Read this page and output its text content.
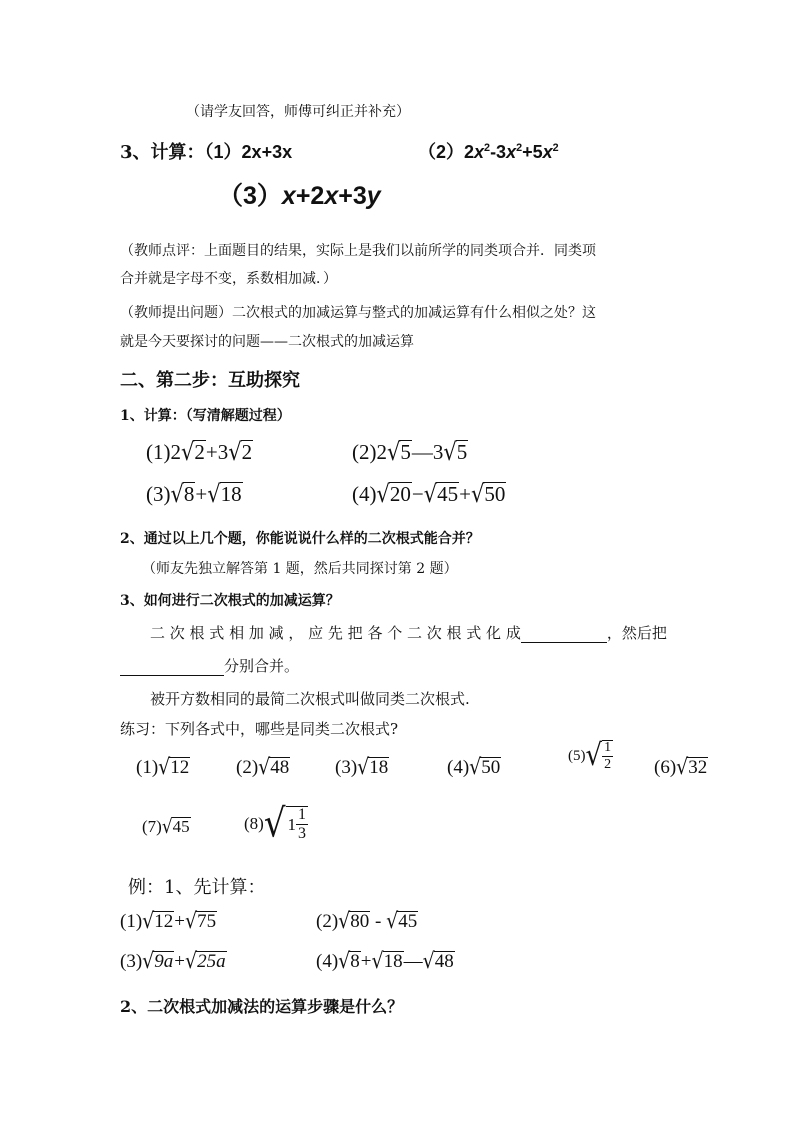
（请学友回答，师傅可纠正并补充）
3、计算：（1）2x+3x	$(2)2x^2-3x^2+5x^2$
（3）x+2x+3y
（教师点评：上面题目的结果，实际上是我们以前所学的同类项合并．同类项
合并就是字母不变，系数相加减．）
（教师提出问题）二次根式的加减运算与整式的加减运算有什么相似之处？这
就是今天要探讨的问题——二次根式的加减运算
二、第二步：互助探究
1、计算：（写清解题过程）
(1)2√2+3√2	(2)2√5—3√5
(3)√8+√18	(4)√20−√45+√50
2、通过以上几个题，你能说说什么样的二次根式能合并？
（师友先独立解答第 1 题，然后共同探讨第 2 题）
3、如何进行二次根式的加减运算？
二 次 根 式 相 加 减 ， 应 先 把 各 个 二 次 根 式 化 成	，然后把
分别合并。
被开方数相同的最简二次根式叫做同类二次根式.
练习：下列各式中，哪些是同类二次根式?
(1)√12 (2)√48 (3)√18	(4)√50
(5) √ $\frac{1}{2} (6)√32$
(7)√45	(8) √ $1 \frac{1}{3}$
例：1、先计算：
(1)√12+√75	(2)√80 - √45
(3)√9a+√25a	(4)√8+√18—√48
2、二次根式加减法的运算步骤是什么？
